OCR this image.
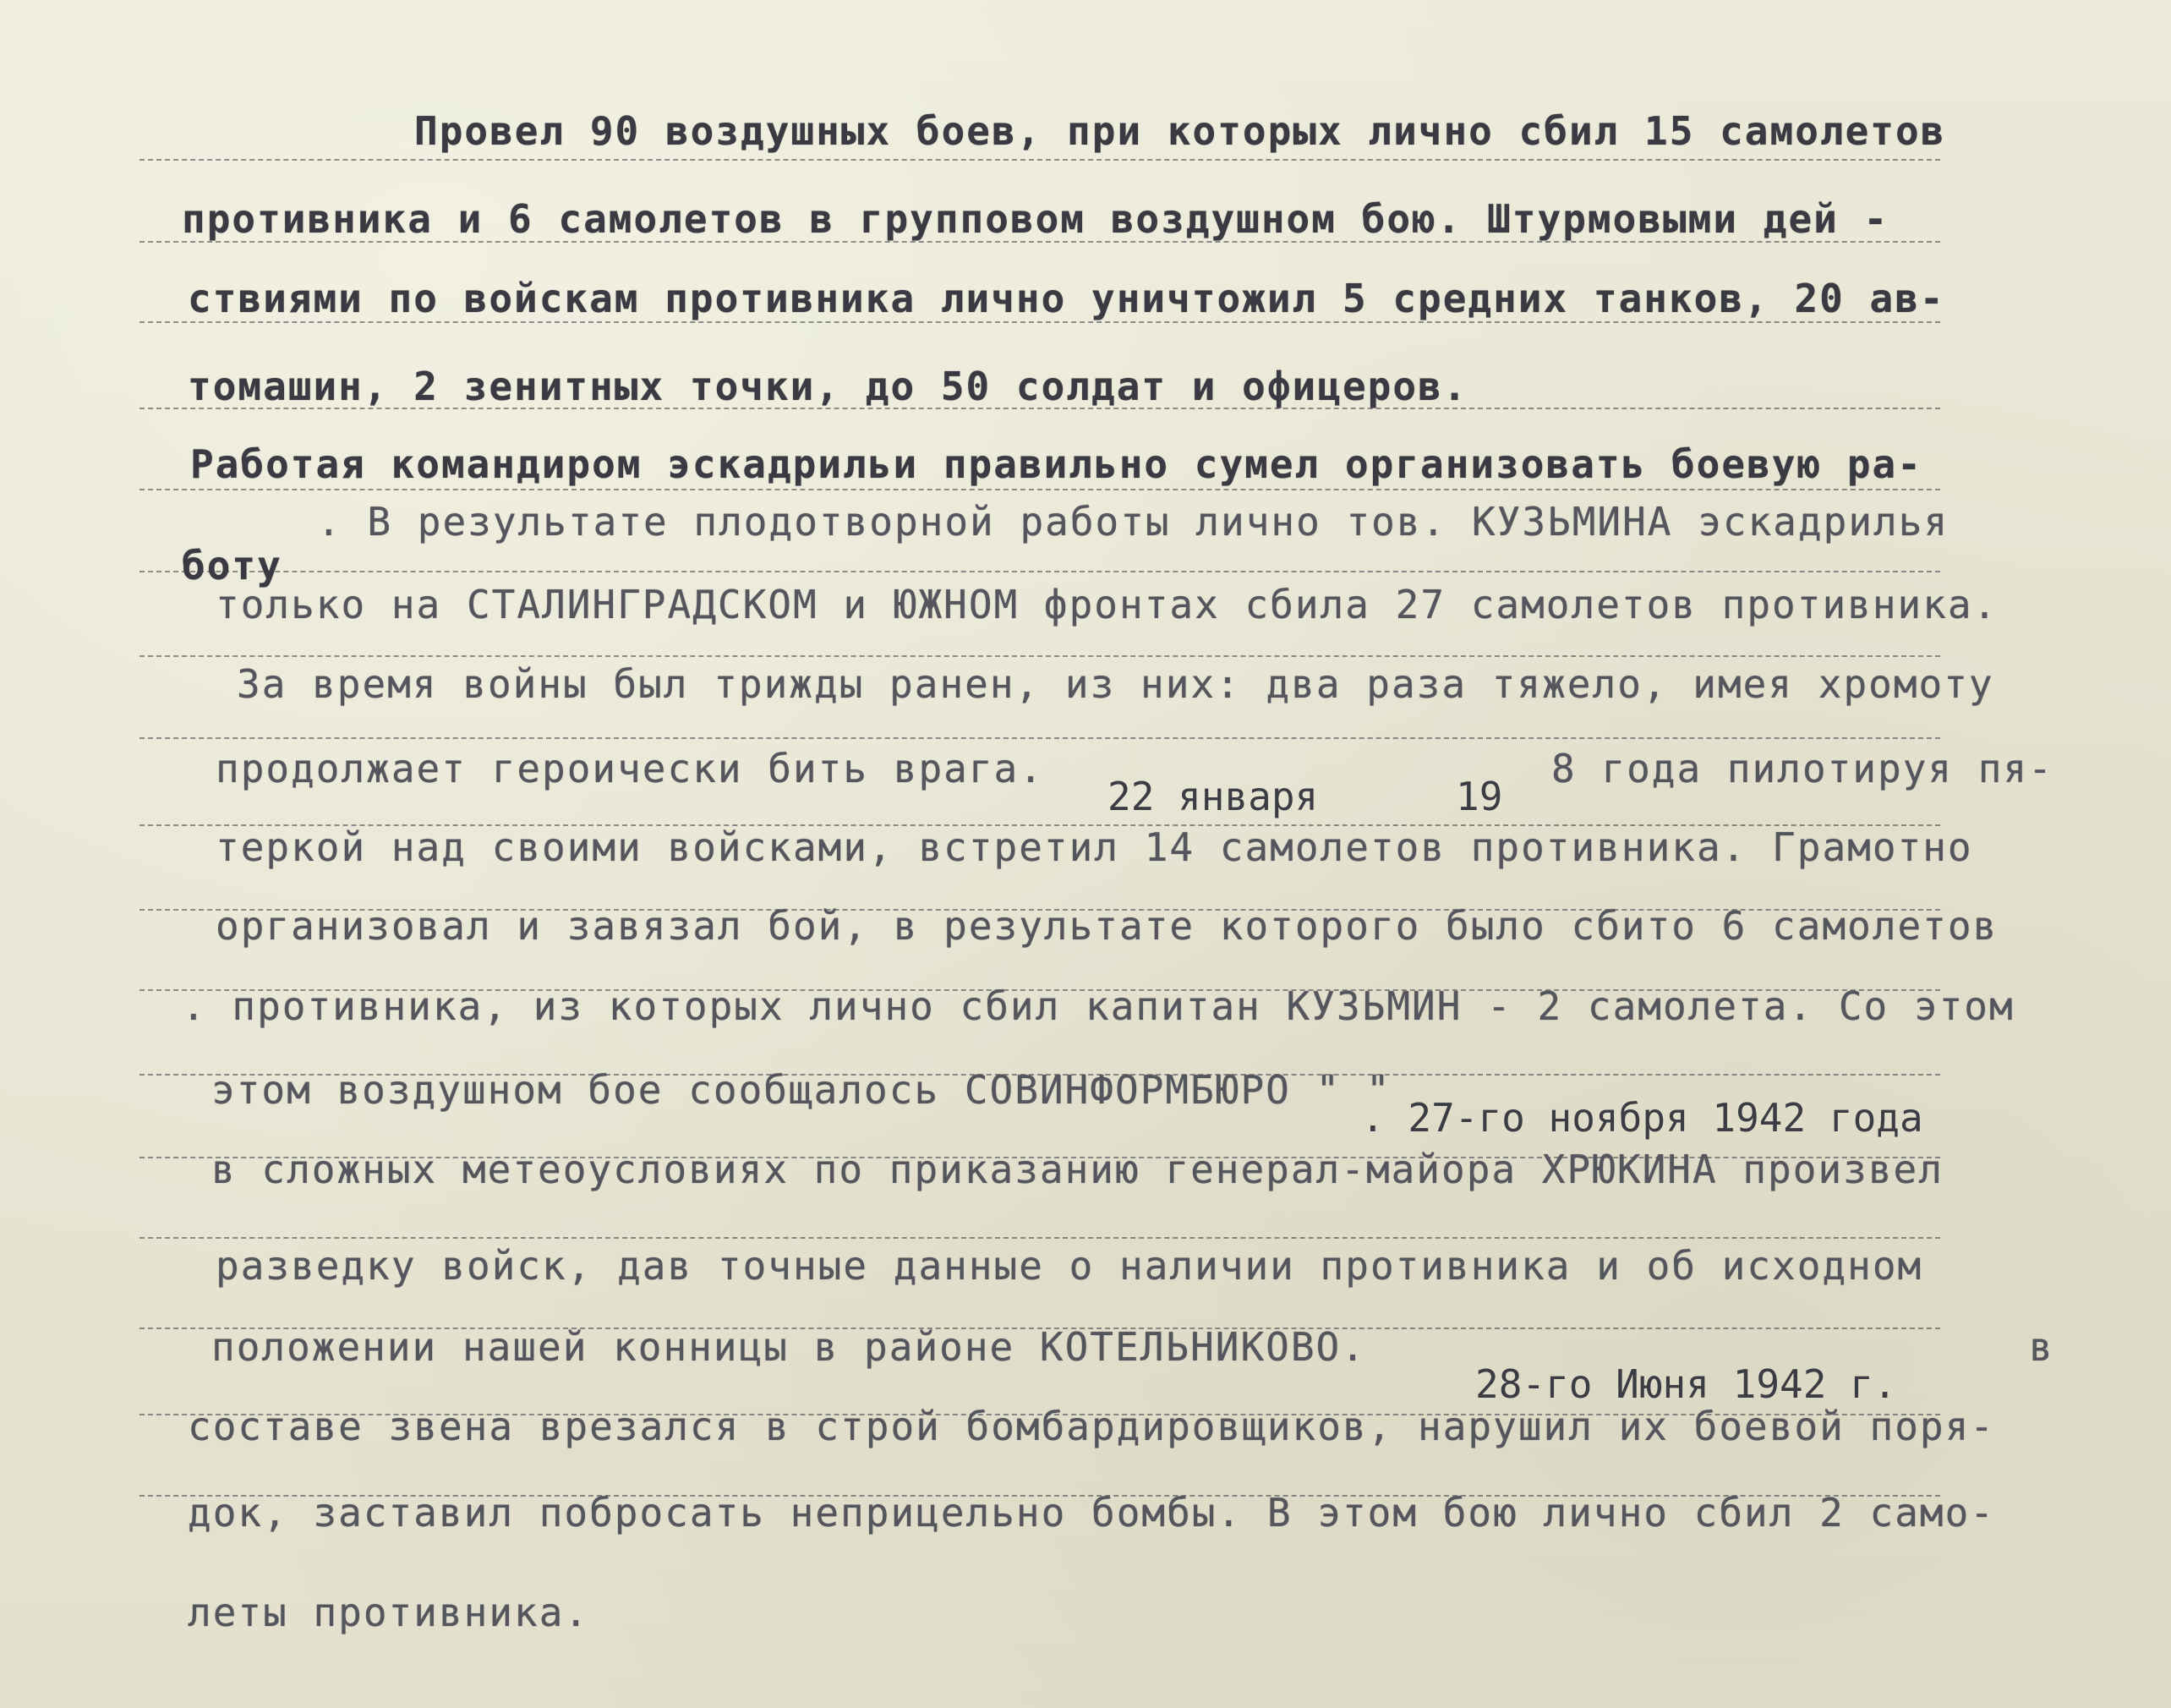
Провел 90 воздушных боев, при которых лично сбил 15 самолетов
противника и 6 самолетов в групповом воздушном бою. Штурмовыми дей -
ствиями по войскам противника лично уничтожил 5 средних танков, 20 ав-
томашин, 2 зенитных точки, до 50 солдат и офицеров.
Работая командиром эскадрильи правильно сумел организовать боевую ра-
. В результате плодотворной работы лично тов. КУЗЬМИНА эскадрилья
боту
только на СТАЛИНГРАДСКОМ и ЮЖНОМ фронтах сбила 27 самолетов противника.
За время войны был трижды ранен, из них: два раза тяжело, имея хромоту
продолжает героически бить врага.
22 января	19
8 года пилотируя пя-
теркой над своими войсками, встретил 14 самолетов противника. Грамотно
организовал и завязал бой, в результате которого было сбито 6 самолетов
. противника, из которых лично сбил капитан КУЗЬМИН - 2 самолета. Со этом
этом воздушном бое сообщалось СОВИНФОРМБЮРО " "
. 27-го ноября 1942 года
в сложных метеоусловиях по приказанию генерал-майора ХРЮКИНА произвел
разведку войск, дав точные данные о наличии противника и об исходном
положении нашей конницы в районе КОТЕЛЬНИКОВО.	в
28-го Июня 1942 г.
составе звена врезался в строй бомбардировщиков, нарушил их боевой поря-
док, заставил побросать неприцельно бомбы. В этом бою лично сбил 2 само-
леты противника.
